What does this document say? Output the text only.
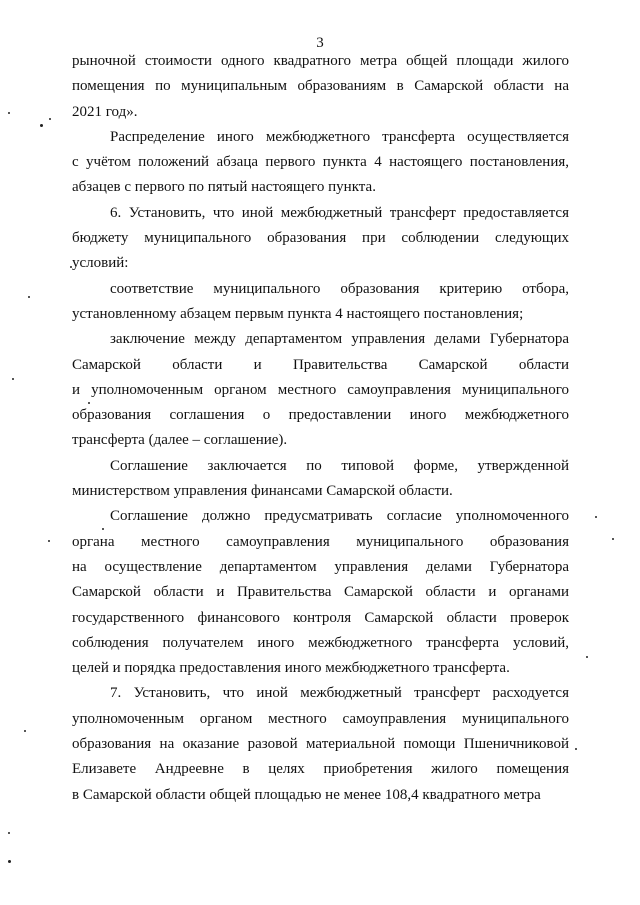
3

рыночной стоимости одного квадратного метра общей площади жилого

помещения по муниципальным образованиям в Самарской области на

2021 год».

Распределение иного межбюджетного трансферта осуществляется

с учётом положений абзаца первого пункта 4 настоящего постановления,

абзацев с первого по пятый настоящего пункта.

6. Установить, что иной межбюджетный трансферт предоставляется

бюджету муниципального образования при соблюдении следующих

условий:

соответствие муниципального образования критерию отбора,

установленному абзацем первым пункта 4 настоящего постановления;

заключение между департаментом управления делами Губернатора

Самарской области и Правительства Самарской области

и уполномоченным органом местного самоуправления муниципального

образования соглашения о предоставлении иного межбюджетного

трансферта (далее – соглашение).

Соглашение заключается по типовой форме, утвержденной

министерством управления финансами Самарской области.

Соглашение должно предусматривать согласие уполномоченного

органа местного самоуправления муниципального образования

на осуществление департаментом управления делами Губернатора

Самарской области и Правительства Самарской области и органами

государственного финансового контроля Самарской области проверок

соблюдения получателем иного межбюджетного трансферта условий,

целей и порядка предоставления иного межбюджетного трансферта.

7. Установить, что иной межбюджетный трансферт расходуется

уполномоченным органом местного самоуправления муниципального

образования на оказание разовой материальной помощи Пшеничниковой

Елизавете Андреевне в целях приобретения жилого помещения

в Самарской области общей площадью не менее 108,4 квадратного метра
